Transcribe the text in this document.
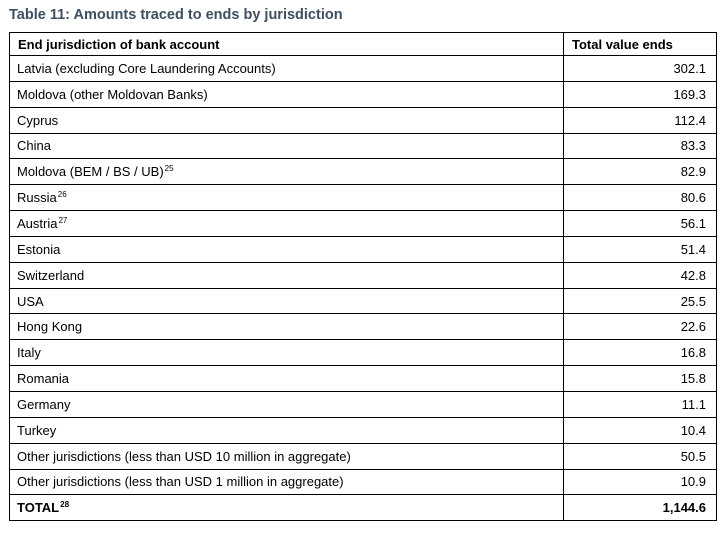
Table 11: Amounts traced to ends by jurisdiction
End jurisdiction of bank account	Total value ends
Latvia (excluding Core Laundering Accounts)	302.1
Moldova (other Moldovan Banks)	169.3
Cyprus	112.4
China	83.3
Moldova (BEM / BS / UB)$^{25}$	82.9
Russia$^{26}$	80.6
Austria$^{27}$	56.1
Estonia	51.4
Switzerland	42.8
USA	25.5
Hong Kong	22.6
Italy	16.8
Romania	15.8
Germany	11.1
Turkey	10.4
Other jurisdictions (less than USD 10 million in aggregate)	50.5
Other jurisdictions (less than USD 1 million in aggregate)	10.9
TOTAL$^{28}$	1,144.6
